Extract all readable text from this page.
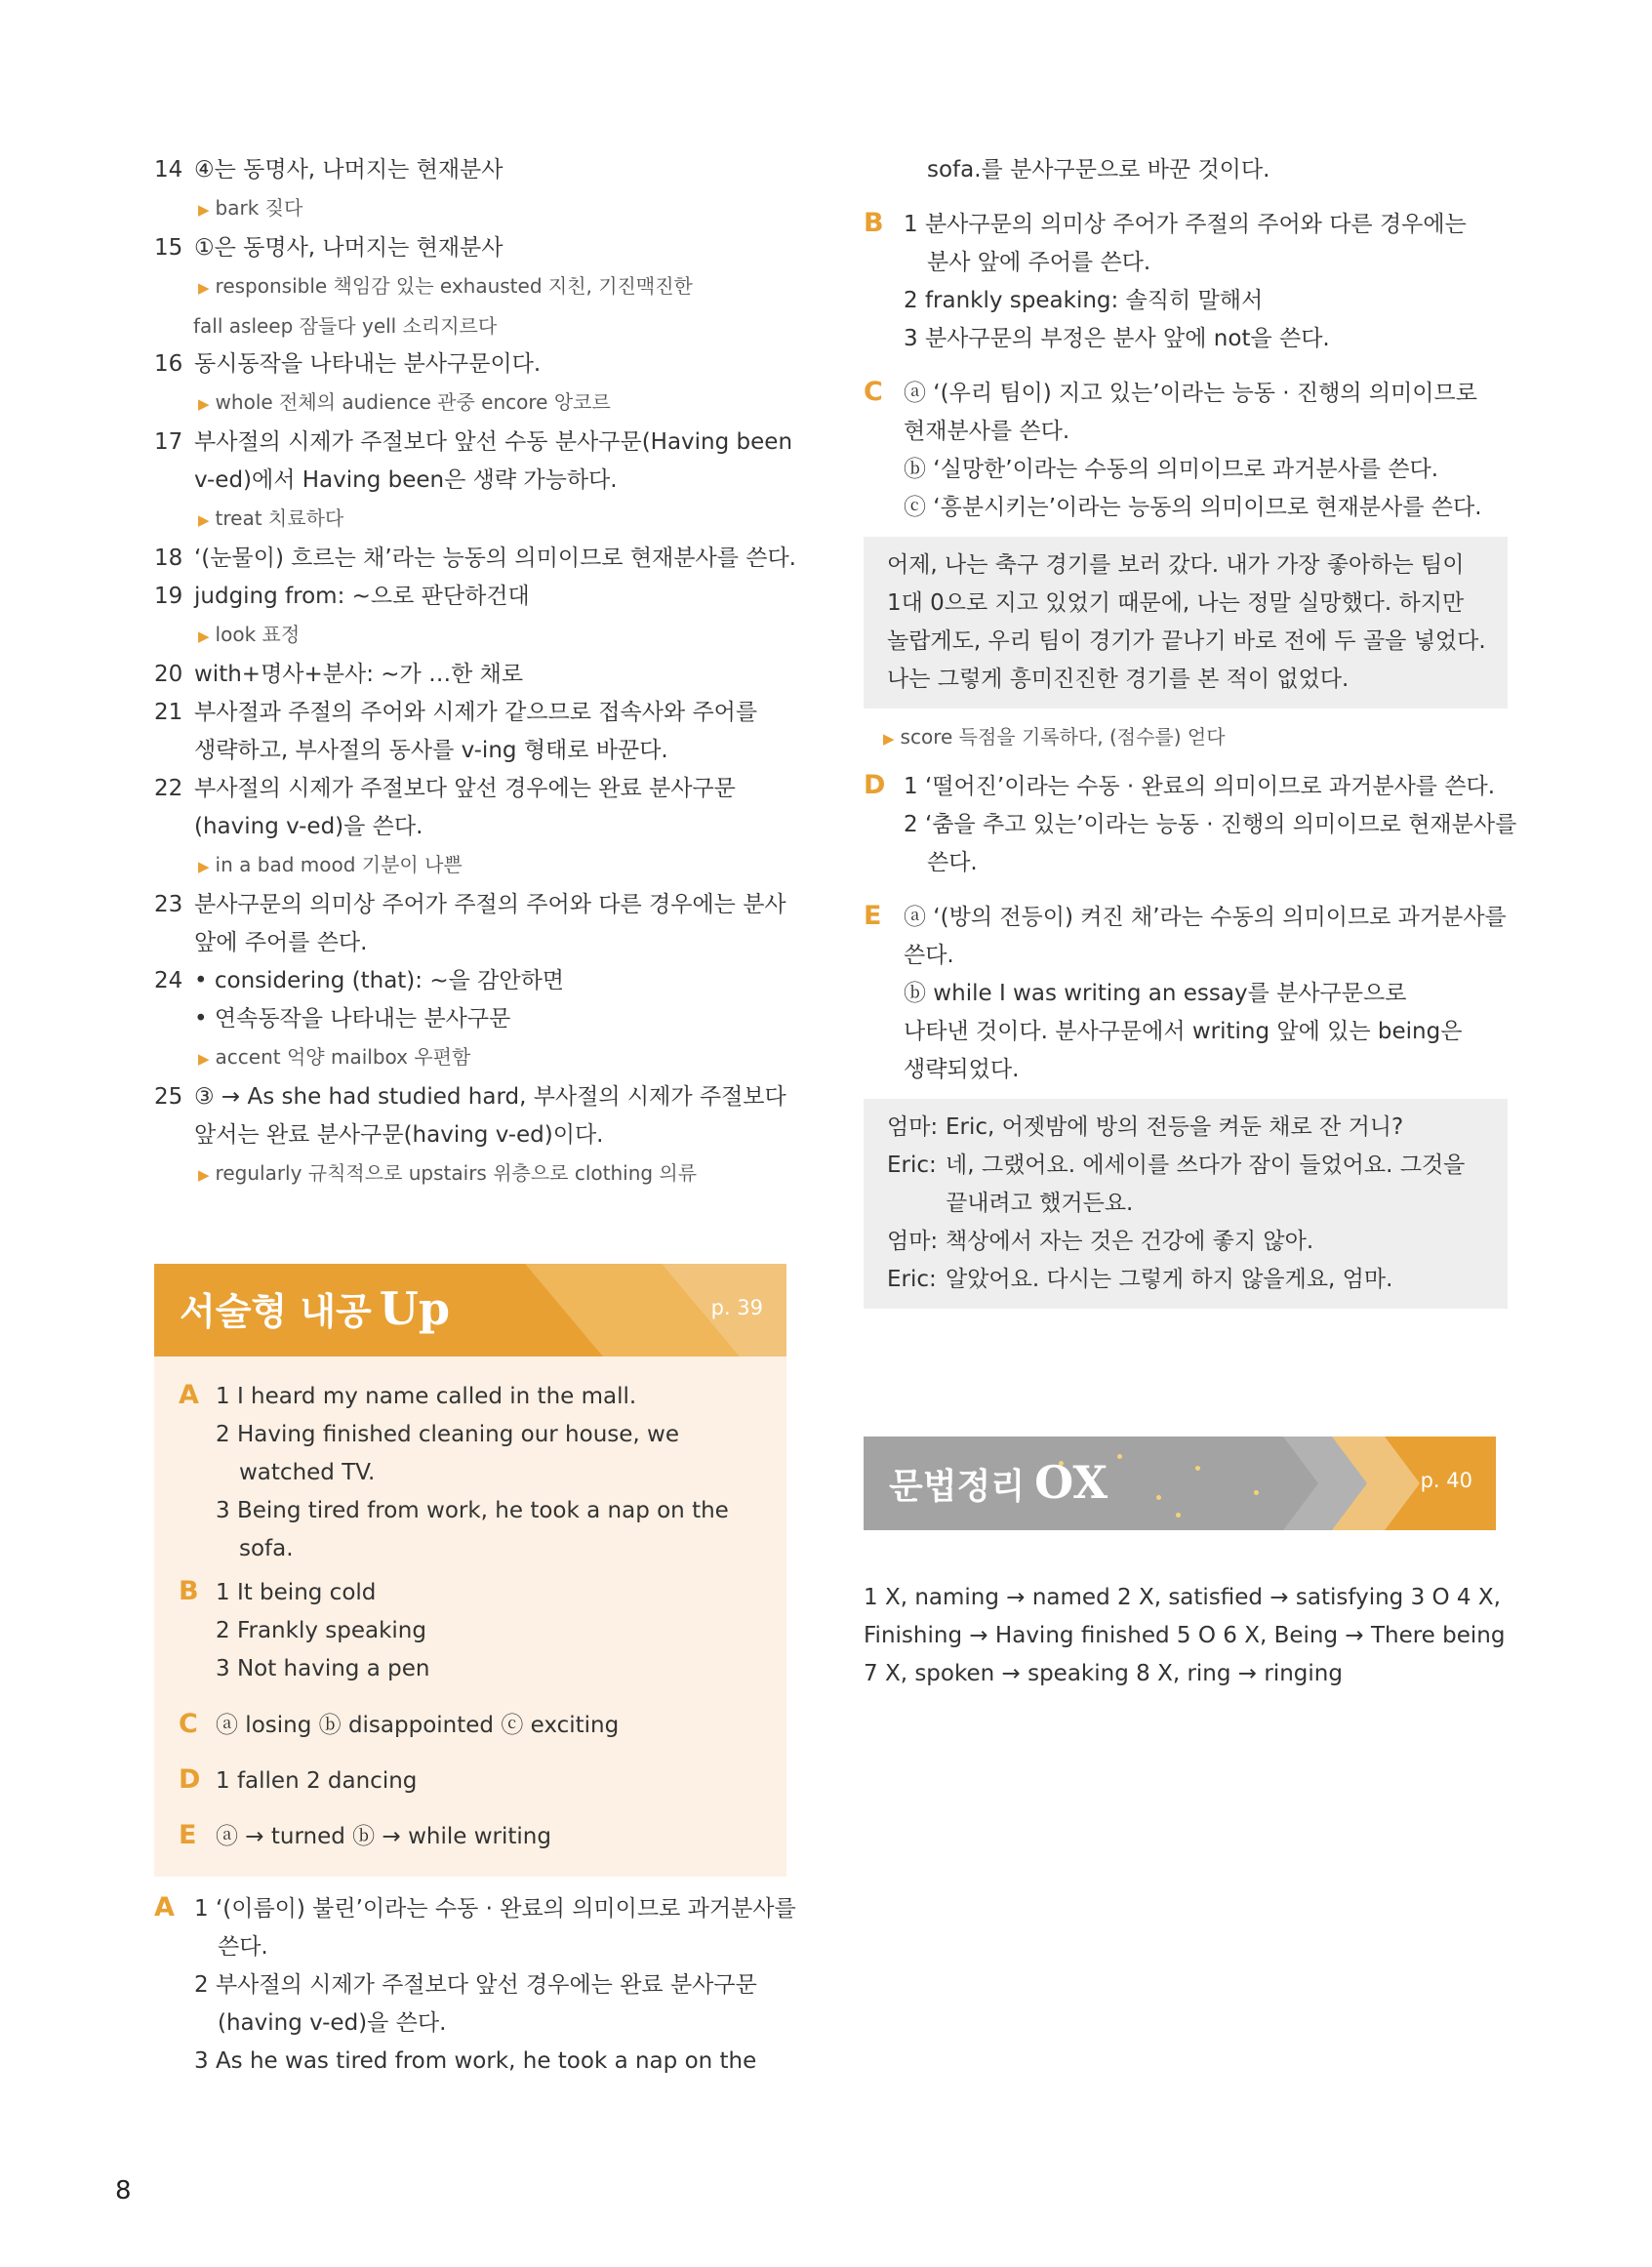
14 ④는 동명사, 나머지는 현재분사

▶ bark 짖다

15 ①은 동명사, 나머지는 현재분사

▶ responsible 책임감 있는 exhausted 지친, 기진맥진한
fall asleep 잠들다 yell 소리지르다

16 동시동작을 나타내는 분사구문이다.

▶ whole 전체의 audience 관중 encore 앙코르

17 부사절의 시제가 주절보다 앞선 수동 분사구문(Having been

v-ed)에서 Having been은 생략 가능하다.

▶ treat 치료하다

18 ‘(눈물이) 흐르는 채’라는 능동의 의미이므로 현재분사를 쓴다.

19 judging from: ~으로 판단하건대

▶ look 표정

20 with+명사+분사: ~가 …한 채로

21 부사절과 주절의 주어와 시제가 같으므로 접속사와 주어를

생략하고, 부사절의 동사를 v-ing 형태로 바꾼다.

22 부사절의 시제가 주절보다 앞선 경우에는 완료 분사구문

(having v-ed)을 쓴다.

▶ in a bad mood 기분이 나쁜

23 분사구문의 의미상 주어가 주절의 주어와 다른 경우에는 분사

앞에 주어를 쓴다.

24 • considering (that): ~을 감안하면

• 연속동작을 나타내는 분사구문

▶ accent 억양 mailbox 우편함

25 ③ → As she had studied hard, 부사절의 시제가 주절보다

앞서는 완료 분사구문(having v-ed)이다.

▶ regularly 규칙적으로 upstairs 위층으로 clothing 의류
서술형 내공 Up	p. 39

A 1 I heard my name called in the mall.

2 Having finished cleaning our house, we

watched TV.

3 Being tired from work, he took a nap on the

sofa.

B 1 It being cold

2 Frankly speaking

3 Not having a pen

C ⓐ losing ⓑ disappointed ⓒ exciting

D 1 fallen 2 dancing

E ⓐ → turned ⓑ → while writing

A 1 ‘(이름이) 불린’이라는 수동 · 완료의 의미이므로 과거분사를

쓴다.

2 부사절의 시제가 주절보다 앞선 경우에는 완료 분사구문

(having v-ed)을 쓴다.

3 As he was tired from work, he took a nap on the

sofa.를 분사구문으로 바꾼 것이다.

B 1 분사구문의 의미상 주어가 주절의 주어와 다른 경우에는

분사 앞에 주어를 쓴다.

2 frankly speaking: 솔직히 말해서

3 분사구문의 부정은 분사 앞에 not을 쓴다.

C ⓐ ‘(우리 팀이) 지고 있는’이라는 능동 · 진행의 의미이므로

현재분사를 쓴다.

ⓑ ‘실망한’이라는 수동의 의미이므로 과거분사를 쓴다.

ⓒ ‘흥분시키는’이라는 능동의 의미이므로 현재분사를 쓴다.

어제, 나는 축구 경기를 보러 갔다. 내가 가장 좋아하는 팀이

1대 0으로 지고 있었기 때문에, 나는 정말 실망했다. 하지만

놀랍게도, 우리 팀이 경기가 끝나기 바로 전에 두 골을 넣었다.

나는 그렇게 흥미진진한 경기를 본 적이 없었다.

▶ score 득점을 기록하다, (점수를) 얻다

D 1 ‘떨어진’이라는 수동 · 완료의 의미이므로 과거분사를 쓴다.

2 ‘춤을 추고 있는’이라는 능동 · 진행의 의미이므로 현재분사를

쓴다.

E ⓐ ‘(방의 전등이) 켜진 채’라는 수동의 의미이므로 과거분사를

쓴다.

ⓑ while I was writing an essay를 분사구문으로

나타낸 것이다. 분사구문에서 writing 앞에 있는 being은

생략되었다.

엄마: Eric, 어젯밤에 방의 전등을 켜둔 채로 잔 거니?

Eric: 네, 그랬어요. 에세이를 쓰다가 잠이 들었어요. 그것을

끝내려고 했거든요.

엄마: 책상에서 자는 것은 건강에 좋지 않아.

Eric: 알았어요. 다시는 그렇게 하지 않을게요, 엄마.

문법정리 OX	p. 40

1 X, naming → named 2 X, satisfied → satisfying 3 O 4 X, Finishing → Having finished 5 O 6 X, Being → There being 7 X, spoken → speaking 8 X, ring → ringing

8
